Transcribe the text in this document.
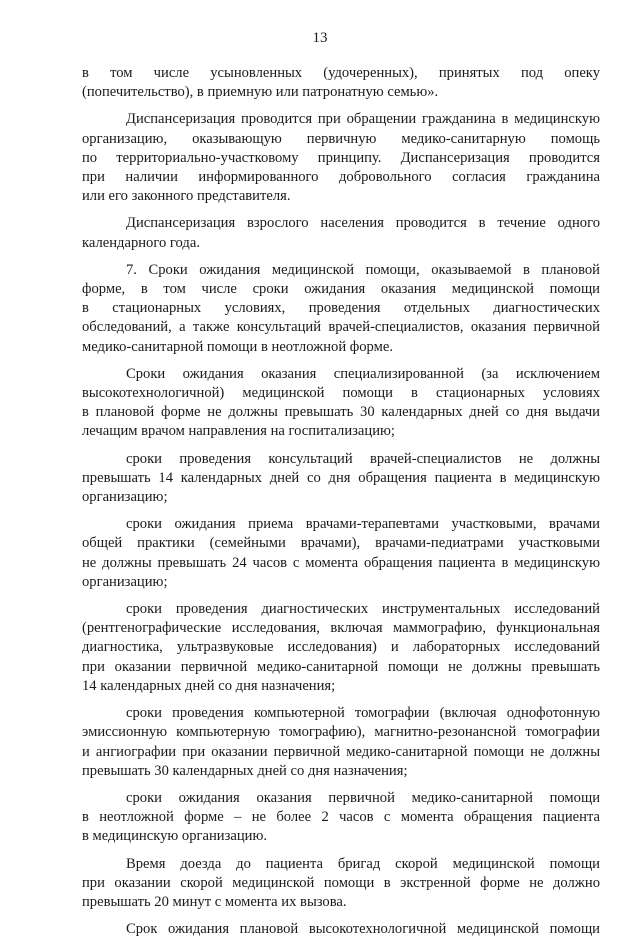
13

в том числе усыновленных (удочеренных), принятых под опеку
(попечительство), в приемную или патронатную семью».

Диспансеризация проводится при обращении гражданина в медицинскую
организацию, оказывающую первичную медико-санитарную помощь
по территориально-участковому принципу. Диспансеризация проводится
при наличии информированного добровольного согласия гражданина
или его законного представителя.

Диспансеризация взрослого населения проводится в течение одного
календарного года.

7. Сроки ожидания медицинской помощи, оказываемой в плановой
форме, в том числе сроки ожидания оказания медицинской помощи
в стационарных условиях, проведения отдельных диагностических
обследований, а также консультаций врачей-специалистов, оказания первичной
медико-санитарной помощи в неотложной форме.

Сроки ожидания оказания специализированной (за исключением
высокотехнологичной) медицинской помощи в стационарных условиях
в плановой форме не должны превышать 30 календарных дней со дня выдачи
лечащим врачом направления на госпитализацию;

сроки проведения консультаций врачей-специалистов не должны
превышать 14 календарных дней со дня обращения пациента в медицинскую
организацию;

сроки ожидания приема врачами-терапевтами участковыми, врачами
общей практики (семейными врачами), врачами-педиатрами участковыми
не должны превышать 24 часов с момента обращения пациента в медицинскую
организацию;

сроки проведения диагностических инструментальных исследований
(рентгенографические исследования, включая маммографию, функциональная
диагностика, ультразвуковые исследования) и лабораторных исследований
при оказании первичной медико-санитарной помощи не должны превышать
14 календарных дней со дня назначения;

сроки проведения компьютерной томографии (включая однофотонную
эмиссионную компьютерную томографию), магнитно-резонансной томографии
и ангиографии при оказании первичной медико-санитарной помощи не должны
превышать 30 календарных дней со дня назначения;

сроки ожидания оказания первичной медико-санитарной помощи
в неотложной форме – не более 2 часов с момента обращения пациента
в медицинскую организацию.

Время доезда до пациента бригад скорой медицинской помощи
при оказании скорой медицинской помощи в экстренной форме не должно
превышать 20 минут с момента их вызова.

Срок ожидания плановой высокотехнологичной медицинской помощи
